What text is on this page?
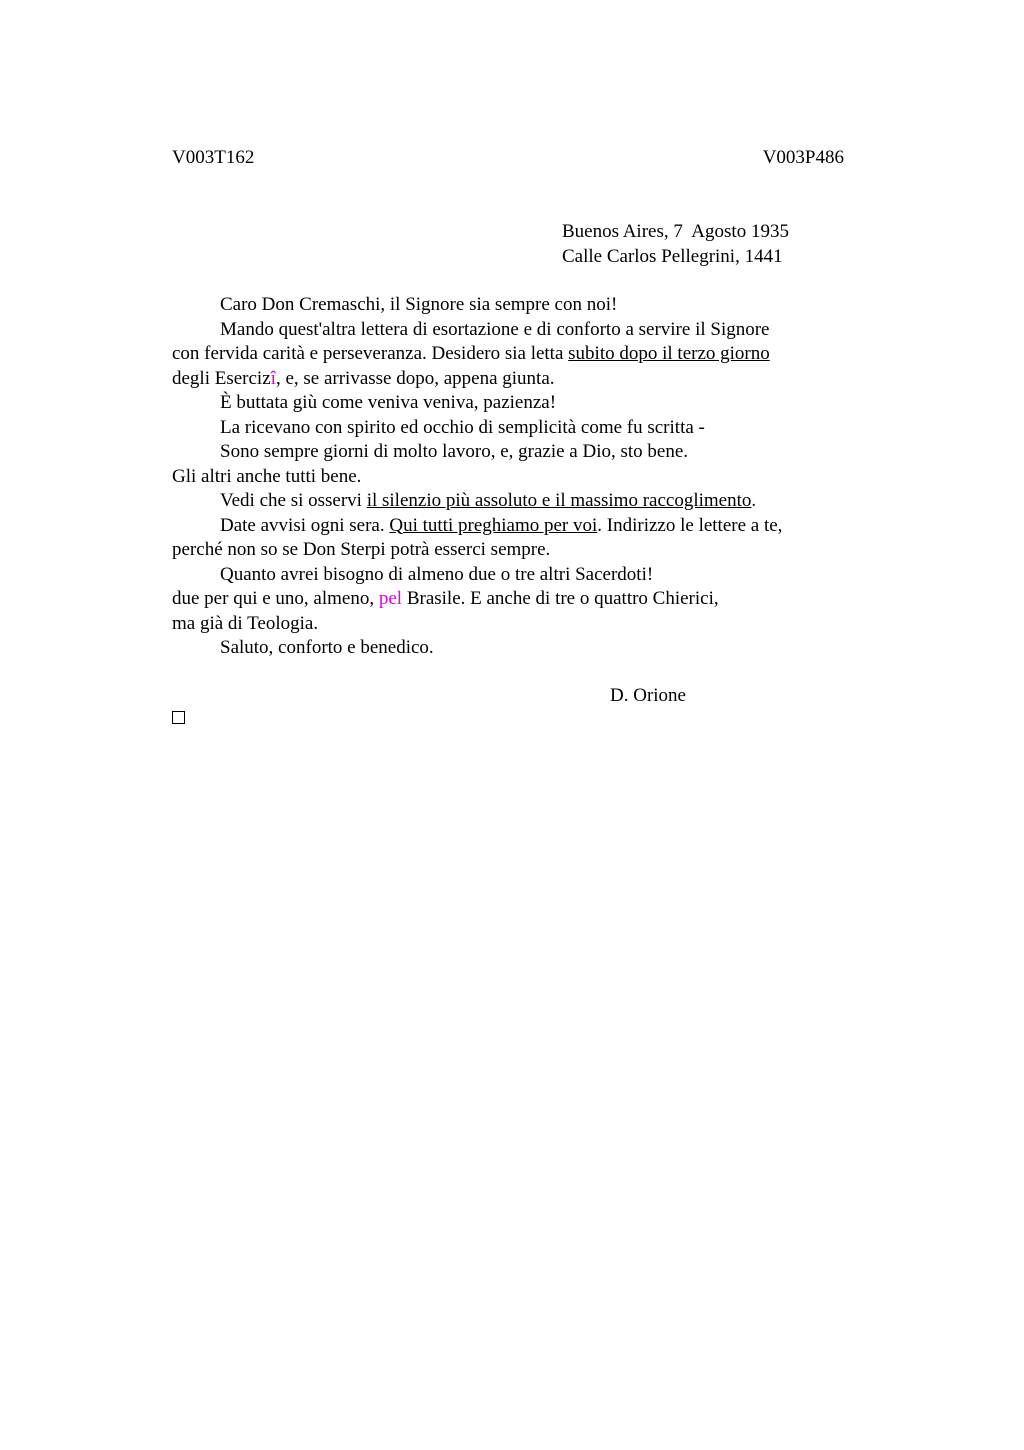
V003T162	V003P486
Buenos Aires, 7  Agosto 1935
Calle Carlos Pellegrini, 1441
Caro Don Cremaschi, il Signore sia sempre con noi!
Mando quest'altra lettera di esortazione e di conforto a servire il Signore
con fervida carità e perseveranza. Desidero sia letta subito dopo il terzo giorno
degli Esercizî, e, se arrivasse dopo, appena giunta.
È buttata giù come veniva veniva, pazienza!
La ricevano con spirito ed occhio di semplicità come fu scritta -
Sono sempre giorni di molto lavoro, e, grazie a Dio, sto bene.
Gli altri anche tutti bene.
Vedi che si osservi il silenzio più assoluto e il massimo raccoglimento.
Date avvisi ogni sera. Qui tutti preghiamo per voi. Indirizzo le lettere a te,
perché non so se Don Sterpi potrà esserci sempre.
Quanto avrei bisogno di almeno due o tre altri Sacerdoti!
due per qui e uno, almeno, pel Brasile. E anche di tre o quattro Chierici,
ma già di Teologia.
Saluto, conforto e benedico.
D. Orione
